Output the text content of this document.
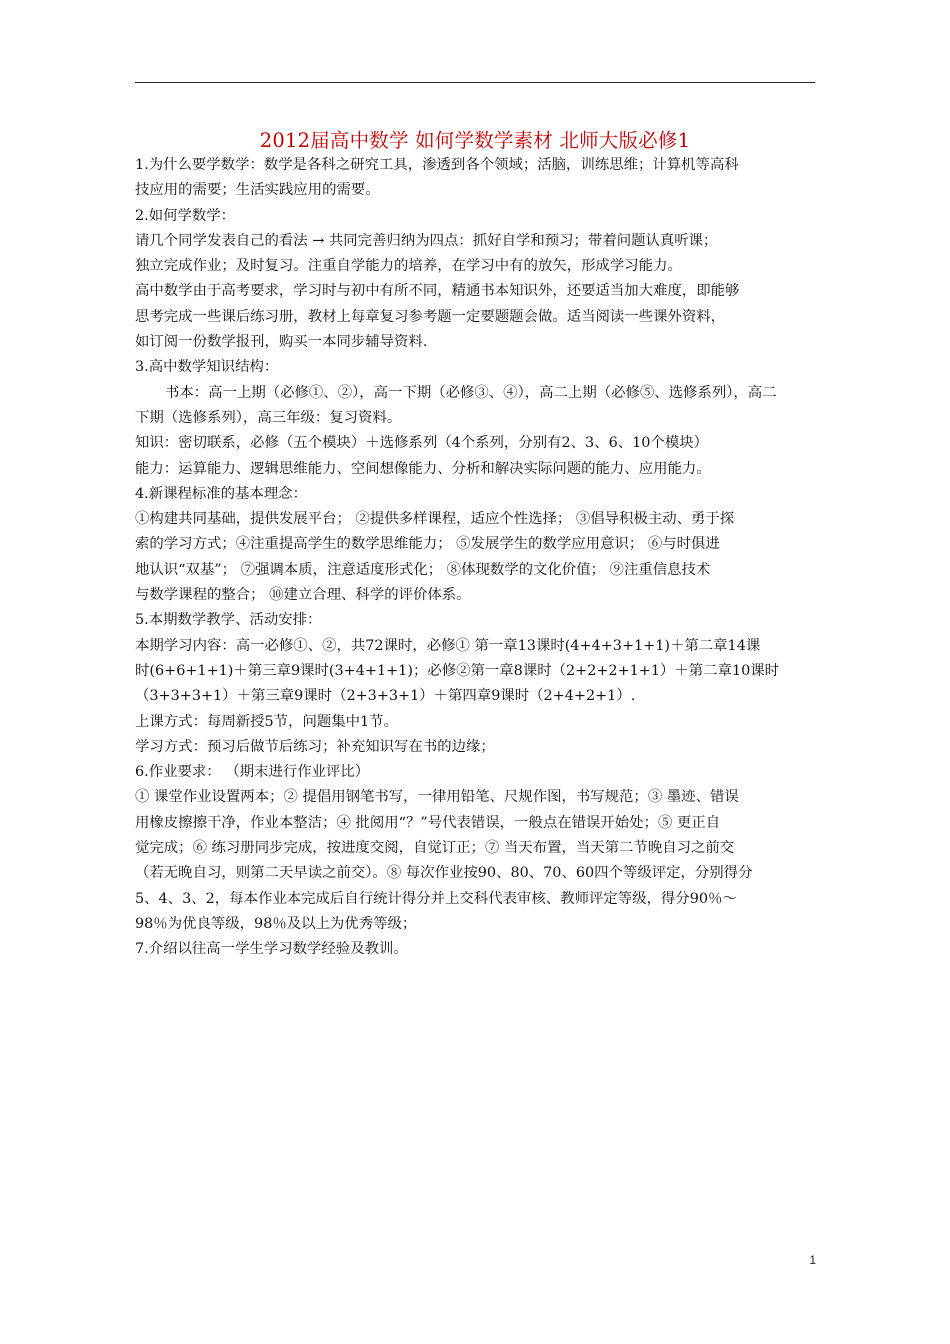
2012届高中数学 如何学数学素材 北师大版必修1
1.为什么要学数学：数学是各科之研究工具，渗透到各个领域；活脑，训练思维；计算机等高科
技应用的需要；生活实践应用的需要。
2.如何学数学：
请几个同学发表自己的看法 → 共同完善归纳为四点：抓好自学和预习；带着问题认真听课；
独立完成作业；及时复习。注重自学能力的培养，在学习中有的放矢，形成学习能力。
高中数学由于高考要求，学习时与初中有所不同，精通书本知识外，还要适当加大难度，即能够
思考完成一些课后练习册，教材上每章复习参考题一定要题题会做。适当阅读一些课外资料，
如订阅一份数学报刊，购买一本同步辅导资料.
3.高中数学知识结构：
书本：高一上期（必修①、②），高一下期（必修③、④），高二上期（必修⑤、选修系列），高二
下期（选修系列），高三年级：复习资料。
知识：密切联系，必修（五个模块）＋选修系列（4个系列，分别有2、3、6、10个模块）
能力：运算能力、逻辑思维能力、空间想像能力、分析和解决实际问题的能力、应用能力。
4.新课程标准的基本理念：
①构建共同基础，提供发展平台； ②提供多样课程，适应个性选择； ③倡导积极主动、勇于探
索的学习方式；④注重提高学生的数学思维能力； ⑤发展学生的数学应用意识； ⑥与时俱进
地认识“双基”； ⑦强调本质，注意适度形式化； ⑧体现数学的文化价值； ⑨注重信息技术
与数学课程的整合； ⑩建立合理、科学的评价体系。
5.本期数学教学、活动安排：
本期学习内容：高一必修①、②，共72课时，必修① 第一章13课时(4+4+3+1+1)＋第二章14课
时(6+6+1+1)＋第三章9课时(3+4+1+1)；必修②第一章8课时（2+2+2+1+1）＋第二章10课时
（3+3+3+1）＋第三章9课时（2+3+3+1）＋第四章9课时（2+4+2+1）.
上课方式：每周新授5节，问题集中1节。
学习方式：预习后做节后练习；补充知识写在书的边缘；
6.作业要求： （期末进行作业评比）
① 课堂作业设置两本；② 提倡用钢笔书写，一律用铅笔、尺规作图，书写规范；③ 墨迹、错误
用橡皮擦擦干净，作业本整洁；④ 批阅用“？”号代表错误，一般点在错误开始处；⑤ 更正自
觉完成；⑥ 练习册同步完成，按进度交阅，自觉订正；⑦ 当天布置，当天第二节晚自习之前交
（若无晚自习，则第二天早读之前交）。⑧ 每次作业按90、80、70、60四个等级评定，分别得分
5、4、3、2，每本作业本完成后自行统计得分并上交科代表审核、教师评定等级，得分90％～
98％为优良等级，98％及以上为优秀等级；
7.介绍以往高一学生学习数学经验及教训。
1
